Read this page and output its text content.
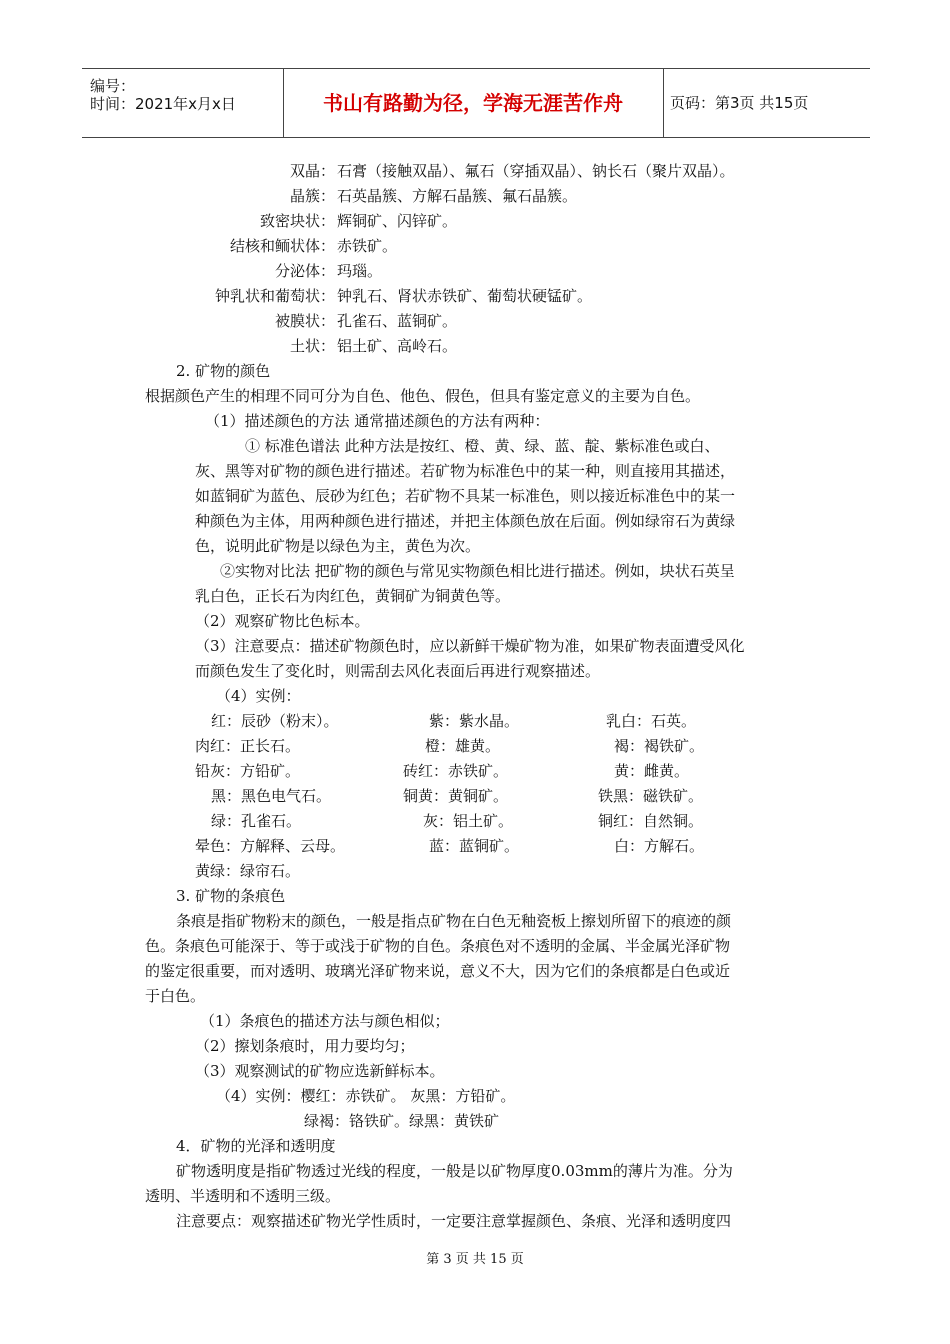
编号：
时间：2021年x月x日	书山有路勤为径，学海无涯苦作舟	页码：第3页 共15页
双晶： 石膏（接触双晶）、氟石（穿插双晶）、钠长石（聚片双晶）。
晶簇： 石英晶簇、方解石晶簇、氟石晶簇。
致密块状： 辉铜矿、闪锌矿。
结核和鲕状体： 赤铁矿。
分泌体： 玛瑙。
钟乳状和葡萄状： 钟乳石、肾状赤铁矿、葡萄状硬锰矿。
被膜状： 孔雀石、蓝铜矿。
土状： 铝土矿、高岭石。
2. 矿物的颜色
根据颜色产生的相理不同可分为自色、他色、假色，但具有鉴定意义的主要为自色。
（1）描述颜色的方法 通常描述颜色的方法有两种：
① 标准色谱法 此种方法是按红、橙、黄、绿、蓝、靛、紫标准色或白、
灰、黑等对矿物的颜色进行描述。若矿物为标准色中的某一种，则直接用其描述，
如蓝铜矿为蓝色、辰砂为红色；若矿物不具某一标准色，则以接近标准色中的某一
种颜色为主体，用两种颜色进行描述，并把主体颜色放在后面。例如绿帘石为黄绿
色，说明此矿物是以绿色为主，黄色为次。
②实物对比法 把矿物的颜色与常见实物颜色相比进行描述。例如，块状石英呈
乳白色，正长石为肉红色，黄铜矿为铜黄色等。
（2）观察矿物比色标本。
（3）注意要点：描述矿物颜色时，应以新鲜干燥矿物为准，如果矿物表面遭受风化
而颜色发生了变化时，则需刮去风化表面后再进行观察描述。
（4）实例：
红：辰砂（粉末）。	紫：紫水晶。	乳白：石英。
肉红：正长石。	橙：雄黄。	褐：褐铁矿。
铅灰：方铅矿。	砖红：赤铁矿。	黄：雌黄。
黑：黑色电气石。	铜黄：黄铜矿。	铁黑：磁铁矿。
绿：孔雀石。	灰：铝土矿。	铜红：自然铜。
晕色：方解释、云母。	蓝：蓝铜矿。	白：方解石。
黄绿：绿帘石。
3. 矿物的条痕色
条痕是指矿物粉末的颜色，一般是指点矿物在白色无釉瓷板上擦划所留下的痕迹的颜
色。条痕色可能深于、等于或浅于矿物的自色。条痕色对不透明的金属、半金属光泽矿物
的鉴定很重要，而对透明、玻璃光泽矿物来说，意义不大，因为它们的条痕都是白色或近
于白色。
（1）条痕色的描述方法与颜色相似；
（2）擦划条痕时，用力要均匀；
（3）观察测试的矿物应选新鲜标本。
（4）实例：樱红：赤铁矿。 灰黑：方铅矿。
绿褐：铬铁矿。绿黑：黄铁矿
4．矿物的光泽和透明度
矿物透明度是指矿物透过光线的程度，一般是以矿物厚度0.03mm的薄片为准。分为
透明、半透明和不透明三级。
注意要点：观察描述矿物光学性质时，一定要注意掌握颜色、条痕、光泽和透明度四
第 3 页 共 15 页
